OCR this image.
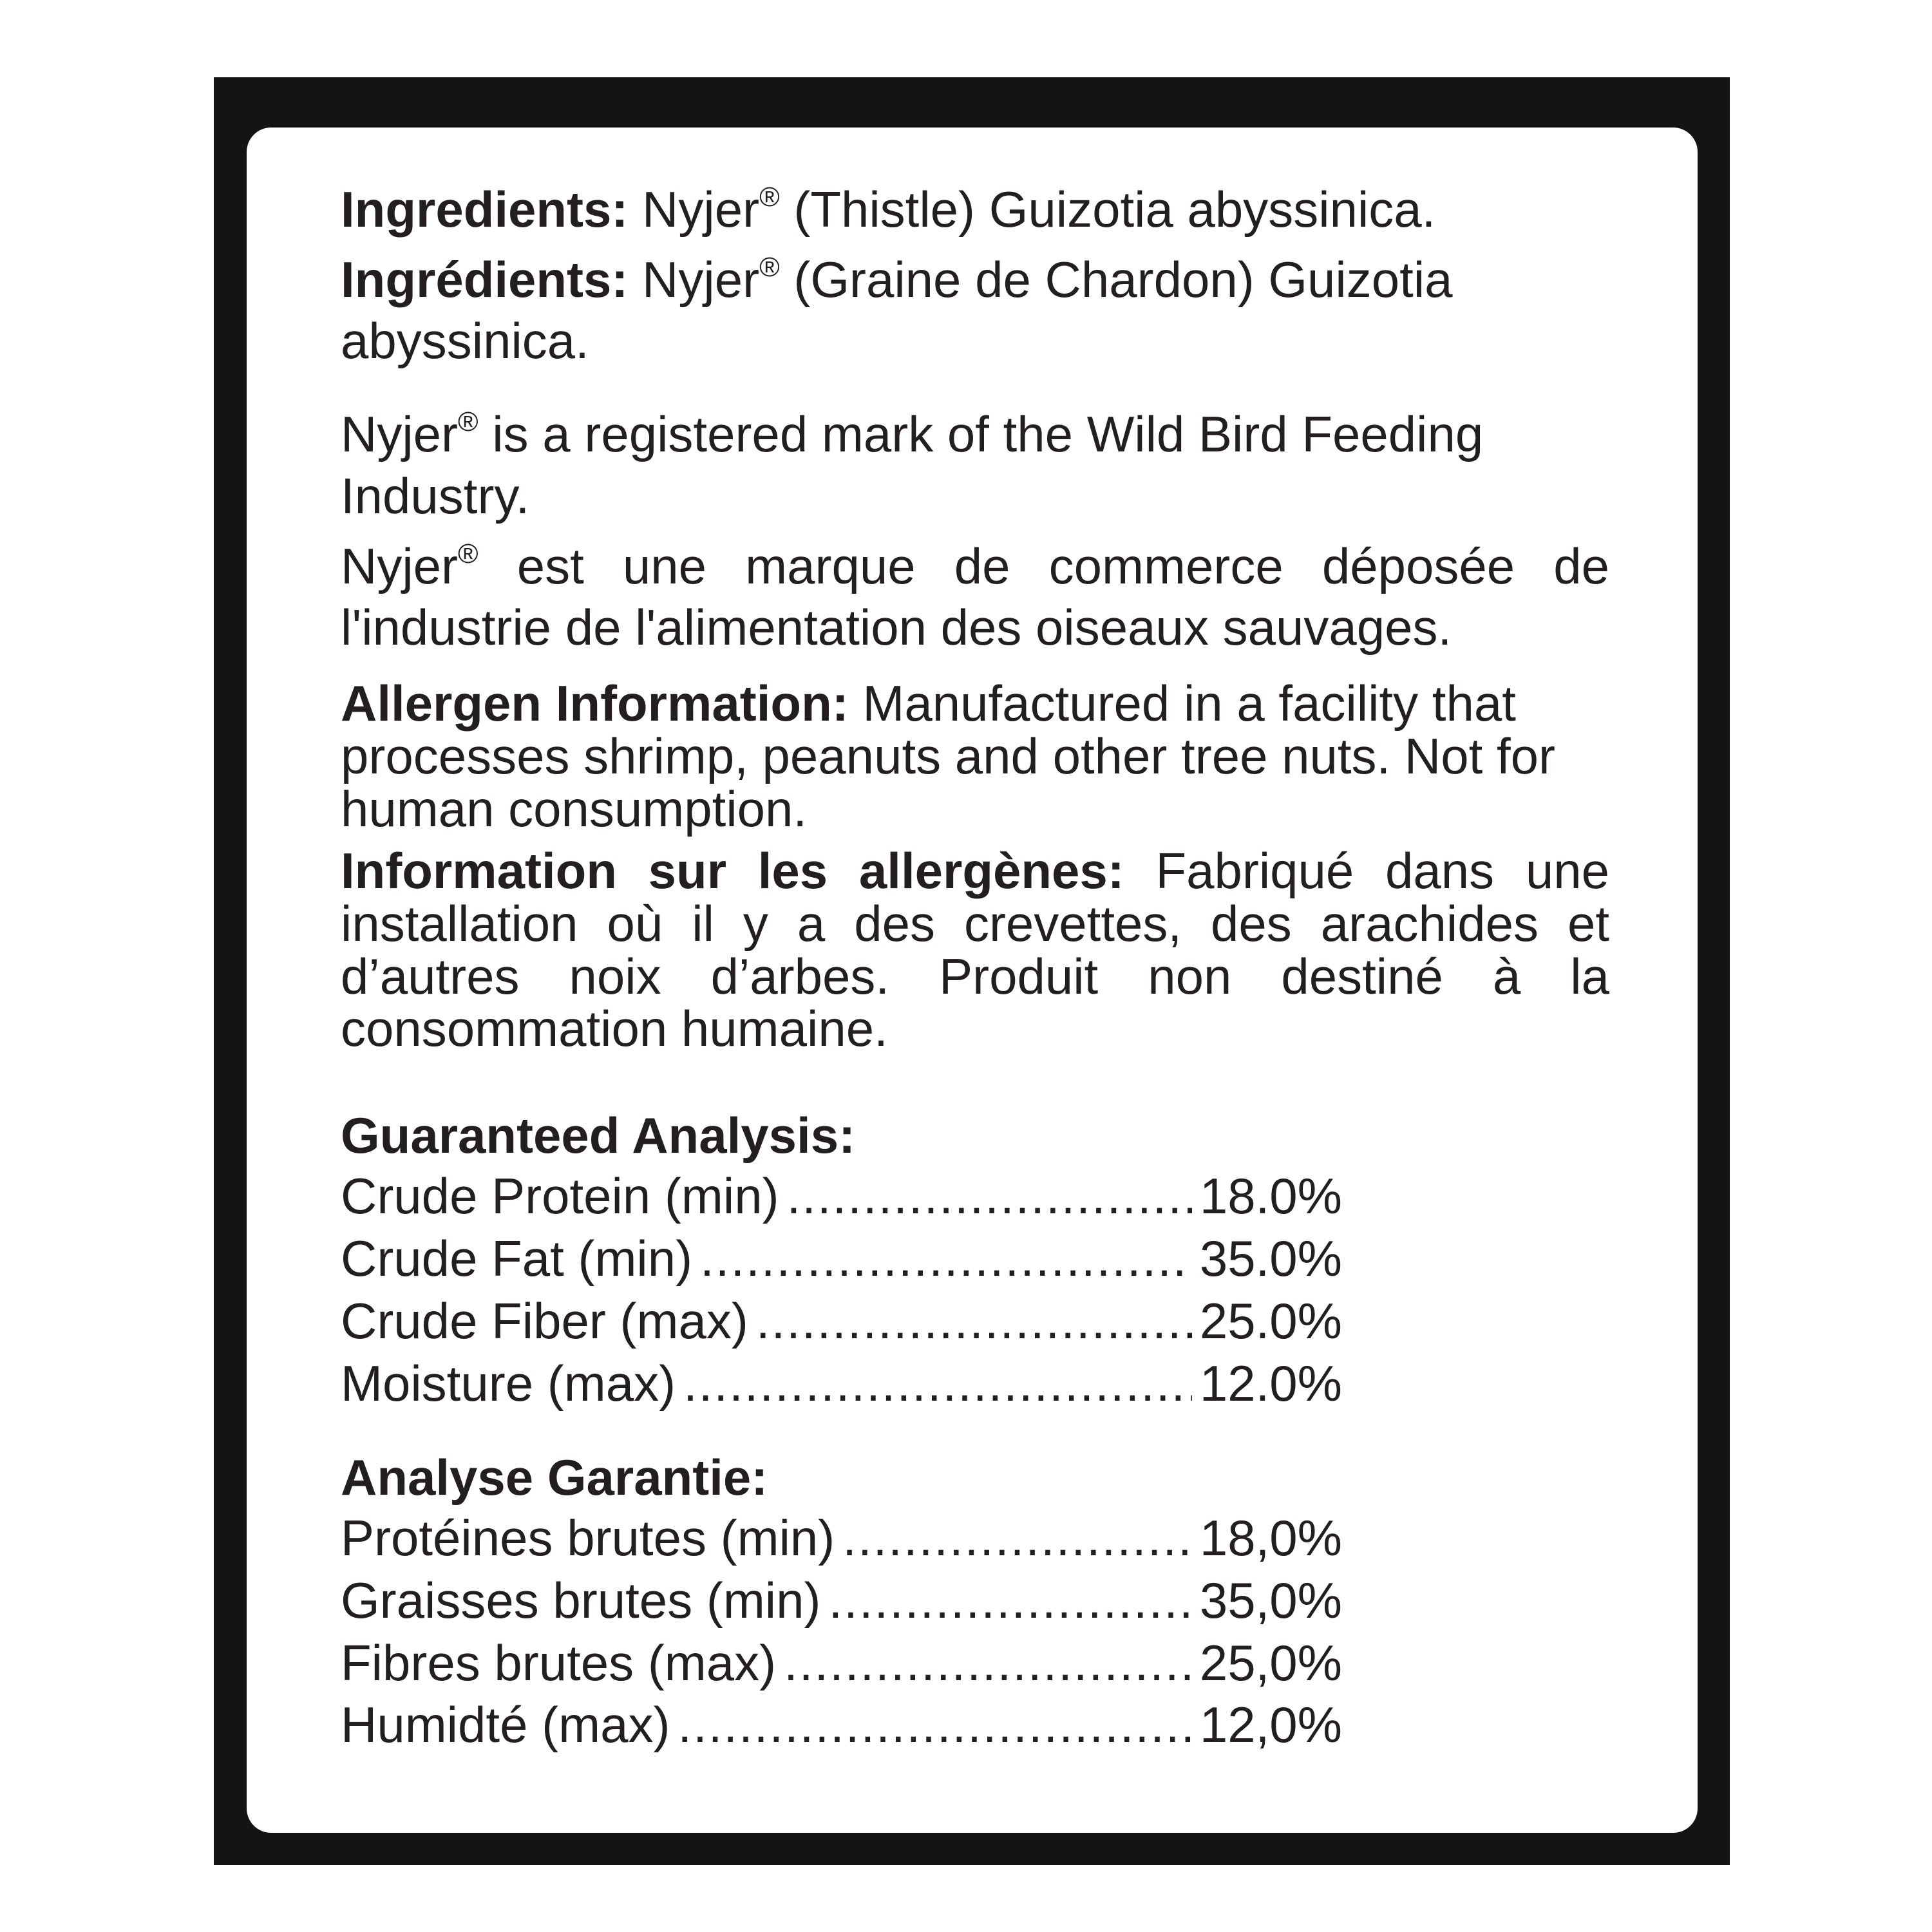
Ingredients: Nyjer® (Thistle) Guizotia abyssinica.

Ingrédients: Nyjer® (Graine de Chardon) Guizotia abyssinica.

Nyjer® is a registered mark of the Wild Bird Feeding Industry.

Nyjer® est une marque de commerce déposée de l'industrie de l'alimentation des oiseaux sauvages.

Allergen Information: Manufactured in a facility that processes shrimp, peanuts and other tree nuts. Not for human consumption.

Information sur les allergènes: Fabriqué dans une installation où il y a des crevettes, des arachides et d’autres noix d’arbes. Produit non destiné à la consommation humaine.

Guaranteed Analysis:

Crude Protein (min) .....	18.0%
Crude Fat (min) .....	35.0%
Crude Fiber (max) .....	25.0%
Moisture (max) .....	12.0%

Analyse Garantie:

Protéines brutes (min) .....	18,0%
Graisses brutes (min) .....	35,0%
Fibres brutes (max) .....	25,0%
Humidté (max) .....	12,0%
